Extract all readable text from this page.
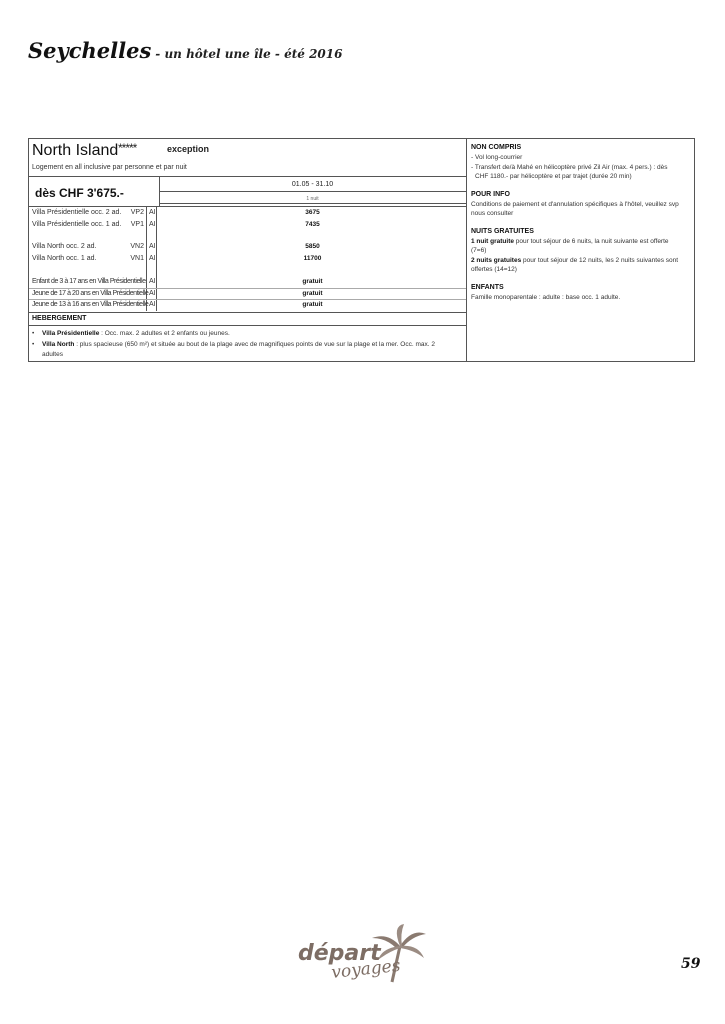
Seychelles - un hôtel une île - été 2016
North Island *****	exception
Logement en all inclusive par personne et par nuit
dès CHF 3'675.-
01.05 - 31.10
1 nuit
Villa Présidentielle occ. 2 ad.	VP2 AI	3675
Villa Présidentielle occ. 1 ad.	VP1 AI	7435
Villa North occ. 2 ad.	VN2 AI	5850
Villa North occ. 1 ad.	VN1 AI	11700
Enfant de 3 à 17 ans en Villa Présidentielle AI	gratuit
Jeune de 17 à 20 ans en Villa Présidentielle AI	gratuit
Jeune de 13 à 16 ans en Villa Présidentielle AI	gratuit
HEBERGEMENT
• Villa Présidentielle : Occ. max. 2 adultes et 2 enfants ou jeunes.
• Villa North : plus spacieuse (650 m²) et située au bout de la plage avec de magnifiques points de vue sur la plage et la mer. Occ. max. 2 adultes
NON COMPRIS
- Vol long-courrier
- Transfert de/à Mahé en hélicoptère privé Zil Air (max. 4 pers.) : dès
CHF 1180.- par hélicoptère et par trajet (durée 20 min)
POUR INFO
Conditions de paiement et d'annulation spécifiques à l'hôtel, veuillez svp
nous consulter
NUITS GRATUITES
1 nuit gratuite pour tout séjour de 6 nuits, la nuit suivante est offerte
(7=6)
2 nuits gratuites pour tout séjour de 12 nuits, les 2 nuits suivantes sont
offertes (14=12)
ENFANTS
Famille monoparentale : adulte : base occ. 1 adulte.
départ
voyages	59
